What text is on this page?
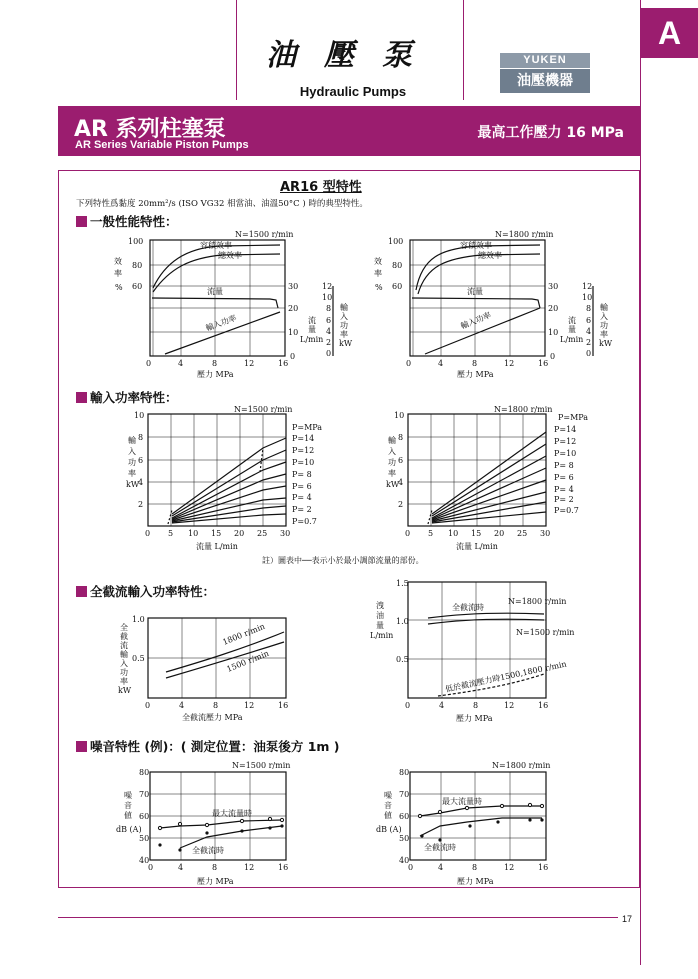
油壓泵
Hydraulic Pumps
YUKEN
油壓機器
A
AR 系列柱塞泵
AR Series Variable Piston Pumps
最高工作壓力 16 MPa
AR16 型特性
下列特性爲黏度 20mm²/s (ISO VG32 相當油、油溫50°C ) 時的典型特性。
一般性能特性：
輸入功率特性：
全截流輸入功率特性：
噪音特性 (例)：( 測定位置：油泵後方 1m )
註）圖表中──表示小於最小調節流量的部份。
N=1500 r/min
容積效率
總效率
流量
輸入功率
100
80
60
效
率
%	30
20
10
0
流
量
L/min
12
10
8
6
4
2
0
輸
入
功
率
kW
0	4	8	12	16
壓力 MPa
N=1800 r/min
容積效率
總效率
流量
輸入功率
100
80
60
效
率
%	30
20
10
0
流
量
L/min
12
10
8
6
4
2
0
輸
入
功
率
kW
0	4	8	12	16
壓力 MPa
N=1500 r/min
P=MPa
P=14
P=12
P=10
P= 8
P= 6
P= 4
P= 2
P=0.7
10
8
6
4
2
輸
入
功
率
kW
0 5 10 15 20 25 30
流量 L/min
N=1800 r/min
P=MPa
P=14
P=12
P=10
P= 8
P= 6
P= 4
P= 2
P=0.7
10
8
6
4
2
輸
入
功
率
kW
0 5 10 15 20 25 30
流量 L/min
1800 r/min
1500 r/min
1.0
0.5
全
截
流
輸
入
功
率
kW
0	4	8	12	16
全截流壓力 MPa
全截流時
N=1800 r/min
N=1500 r/min
低於截流壓力時1500,1800 r/min
1.5
1.0
0.5
洩
油
量
L/min
0	4	8	12	16
壓力 MPa
N=1500 r/min
最大流量時
全截流時
80
70
60
50
40
噪
音
値
dB (A)
0	4	8	12	16
壓力 MPa
N=1800 r/min
最大流量時
全截流時
80
70
60
50
40
噪
音
値
dB (A)
0	4	8	12	16
壓力 MPa
17
